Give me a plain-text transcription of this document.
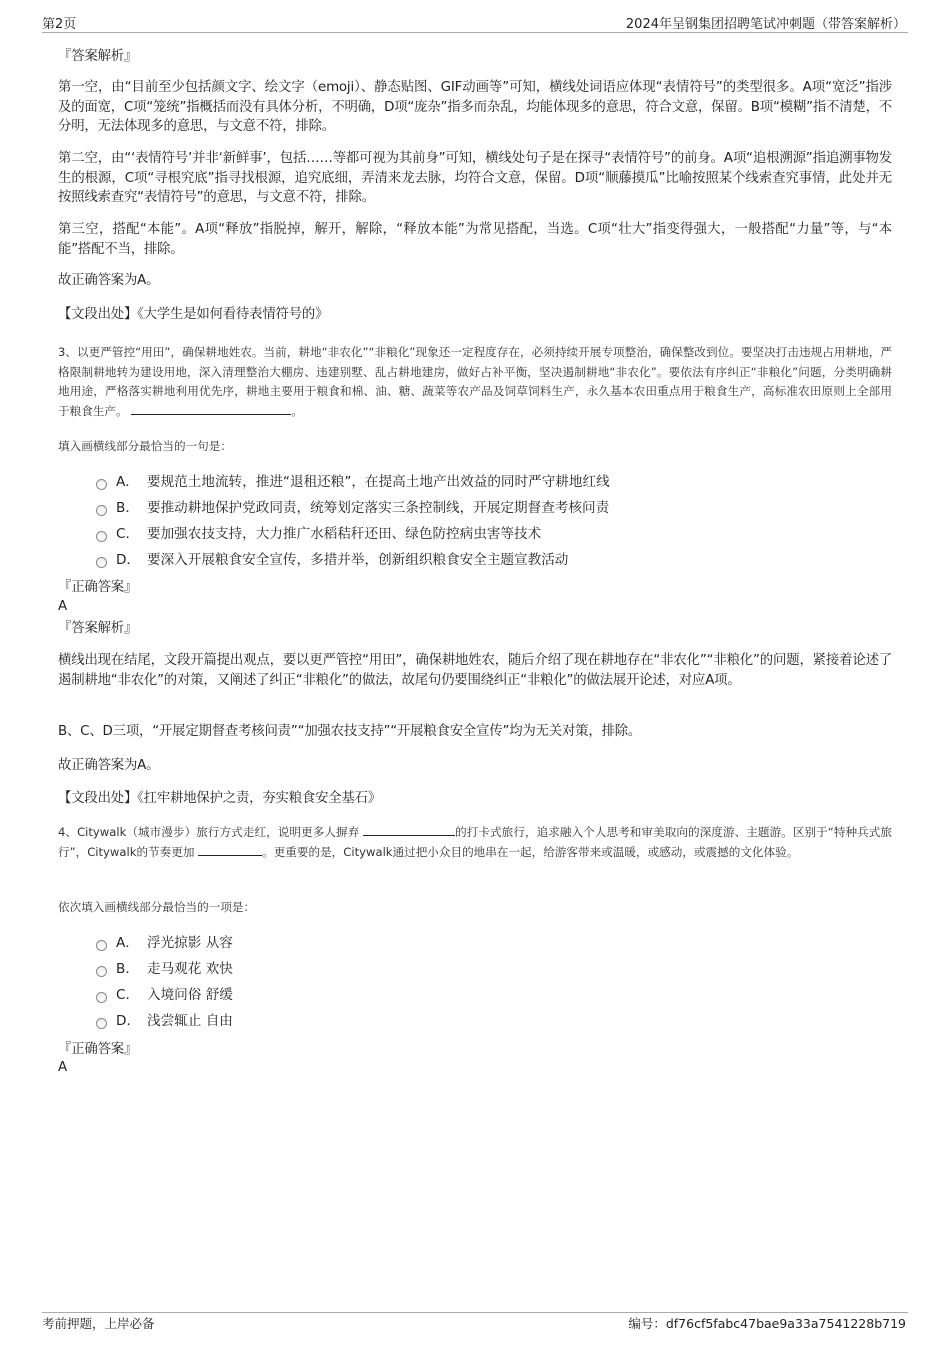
第2页	2024年呈钢集团招聘笔试冲刺题（带答案解析）
『答案解析』
第一空，由“目前至少包括颜文字、绘文字（emoji）、静态贴图、GIF动画等”可知，横线处词语应体现“表情符号”的类型很多。A项“宽泛”指涉及的面宽，C项“笼统”指概括而没有具体分析，不明确，D项“庞杂”指多而杂乱，均能体现多的意思，符合文意，保留。B项“模糊”指不清楚，不分明，无法体现多的意思，与文意不符，排除。
第二空，由“‘表情符号’并非‘新鲜事’，包括……等都可视为其前身”可知，横线处句子是在探寻“表情符号”的前身。A项“追根溯源”指追溯事物发生的根源，C项“寻根究底”指寻找根源，追究底细，弄清来龙去脉，均符合文意，保留。D项“顺藤摸瓜”比喻按照某个线索查究事情，此处并无按照线索查究“表情符号”的意思，与文意不符，排除。
第三空，搭配“本能”。A项“释放”指脱掉，解开，解除，“释放本能”为常见搭配，当选。C项“壮大”指变得强大，一般搭配“力量”等，与“本能”搭配不当，排除。
故正确答案为A。
【文段出处】《大学生是如何看待表情符号的》
3、以更严管控“用田”，确保耕地姓农。当前，耕地“非农化”“非粮化”现象还一定程度存在，必须持续开展专项整治，确保整改到位。要坚决打击违规占用耕地，严格限制耕地转为建设用地，深入清理整治大棚房、违建别墅、乱占耕地建房，做好占补平衡，坚决遏制耕地“非农化”。要依法有序纠正“非粮化”问题，分类明确耕地用途，严格落实耕地利用优先序，耕地主要用于粮食和棉、油、糖、蔬菜等农产品及饲草饲料生产，永久基本农田重点用于粮食生产，高标准农田原则上全部用于粮食生产。	。
填入画横线部分最恰当的一句是：
A． 要规范土地流转，推进“退租还粮”，在提高土地产出效益的同时严守耕地红线
B． 要推动耕地保护党政同责，统筹划定落实三条控制线，开展定期督查考核问责
C． 要加强农技支持，大力推广水稻秸秆还田、绿色防控病虫害等技术
D． 要深入开展粮食安全宣传，多措并举，创新组织粮食安全主题宣教活动
『正确答案』
A
『答案解析』
横线出现在结尾，文段开篇提出观点，要以更严管控“用田”，确保耕地姓农，随后介绍了现在耕地存在“非农化”“非粮化”的问题，紧接着论述了遏制耕地“非农化”的对策，又阐述了纠正“非粮化”的做法，故尾句仍要围绕纠正“非粮化”的做法展开论述，对应A项。
B、C、D三项，“开展定期督查考核问责”“加强农技支持”“开展粮食安全宣传”均为无关对策，排除。
故正确答案为A。
【文段出处】《扛牢耕地保护之责，夯实粮食安全基石》
4、Citywalk（城市漫步）旅行方式走红，说明更多人摒弃	的打卡式旅行，追求融入个人思考和审美取向的深度游、主题游。区别于“特种兵式旅行”，Citywalk的节奏更加	。更重要的是，Citywalk通过把小众目的地串在一起，给游客带来或温暖，或感动，或震撼的文化体验。
依次填入画横线部分最恰当的一项是：
A． 浮光掠影 从容
B． 走马观花 欢快
C． 入境问俗 舒缓
D． 浅尝辄止 自由
『正确答案』
A
考前押题，上岸必备	编号：df76cf5fabc47bae9a33a7541228b719
